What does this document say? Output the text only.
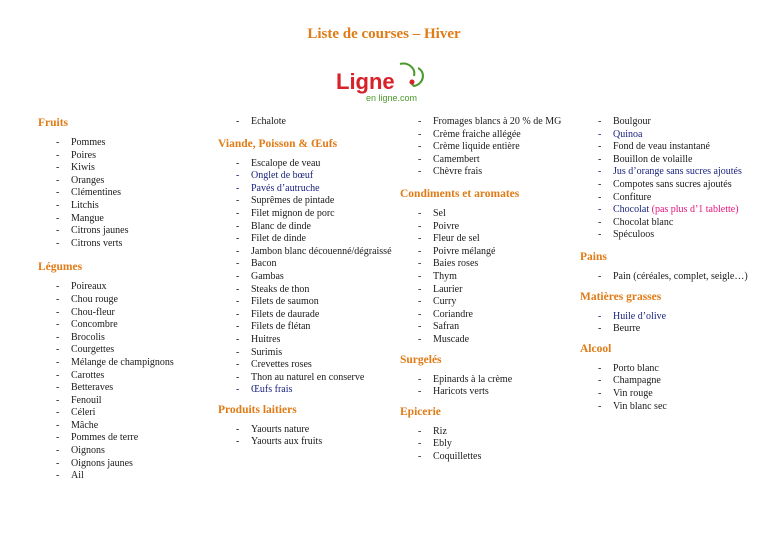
Liste de courses – Hiver
Ligne
en ligne.com
Fruits
- Pommes
- Poires
- Kiwis
- Oranges
- Clémentines
- Litchis
- Mangue
- Citrons jaunes
- Citrons verts
Légumes
- Poireaux
- Chou rouge
- Chou-fleur
- Concombre
- Brocolis
- Courgettes
- Mélange de champignons
- Carottes
- Betteraves
- Fenouil
- Céleri
- Mâche
- Pommes de terre
- Oignons
- Oignons jaunes
- Ail
- Echalote
Viande, Poisson & Œufs
- Escalope de veau
- Onglet de bœuf
- Pavés d’autruche
- Suprêmes de pintade
- Filet mignon de porc
- Blanc de dinde
- Filet de dinde
- Jambon blanc découenné/dégraissé
- Bacon
- Gambas
- Steaks de thon
- Filets de saumon
- Filets de daurade
- Filets de flétan
- Huitres
- Surimis
- Crevettes roses
- Thon au naturel en conserve
- Œufs frais
Produits laitiers
- Yaourts nature
- Yaourts aux fruits
- Fromages blancs à 20 % de MG
- Crème fraiche allégée
- Crème liquide entière
- Camembert
- Chèvre frais
Condiments et aromates
- Sel
- Poivre
- Fleur de sel
- Poivre mélangé
- Baies roses
- Thym
- Laurier
- Curry
- Coriandre
- Safran
- Muscade
Surgelés
- Epinards à la crème
- Haricots verts
Epicerie
- Riz
- Ebly
- Coquillettes
- Boulgour
- Quinoa
- Fond de veau instantané
- Bouillon de volaille
- Jus d’orange sans sucres ajoutés
- Compotes sans sucres ajoutés
- Confiture
- Chocolat (pas plus d’1 tablette)
- Chocolat blanc
- Spéculoos
Pains
- Pain (céréales, complet, seigle…)
Matières grasses
- Huile d’olive
- Beurre
Alcool
- Porto blanc
- Champagne
- Vin rouge
- Vin blanc sec
